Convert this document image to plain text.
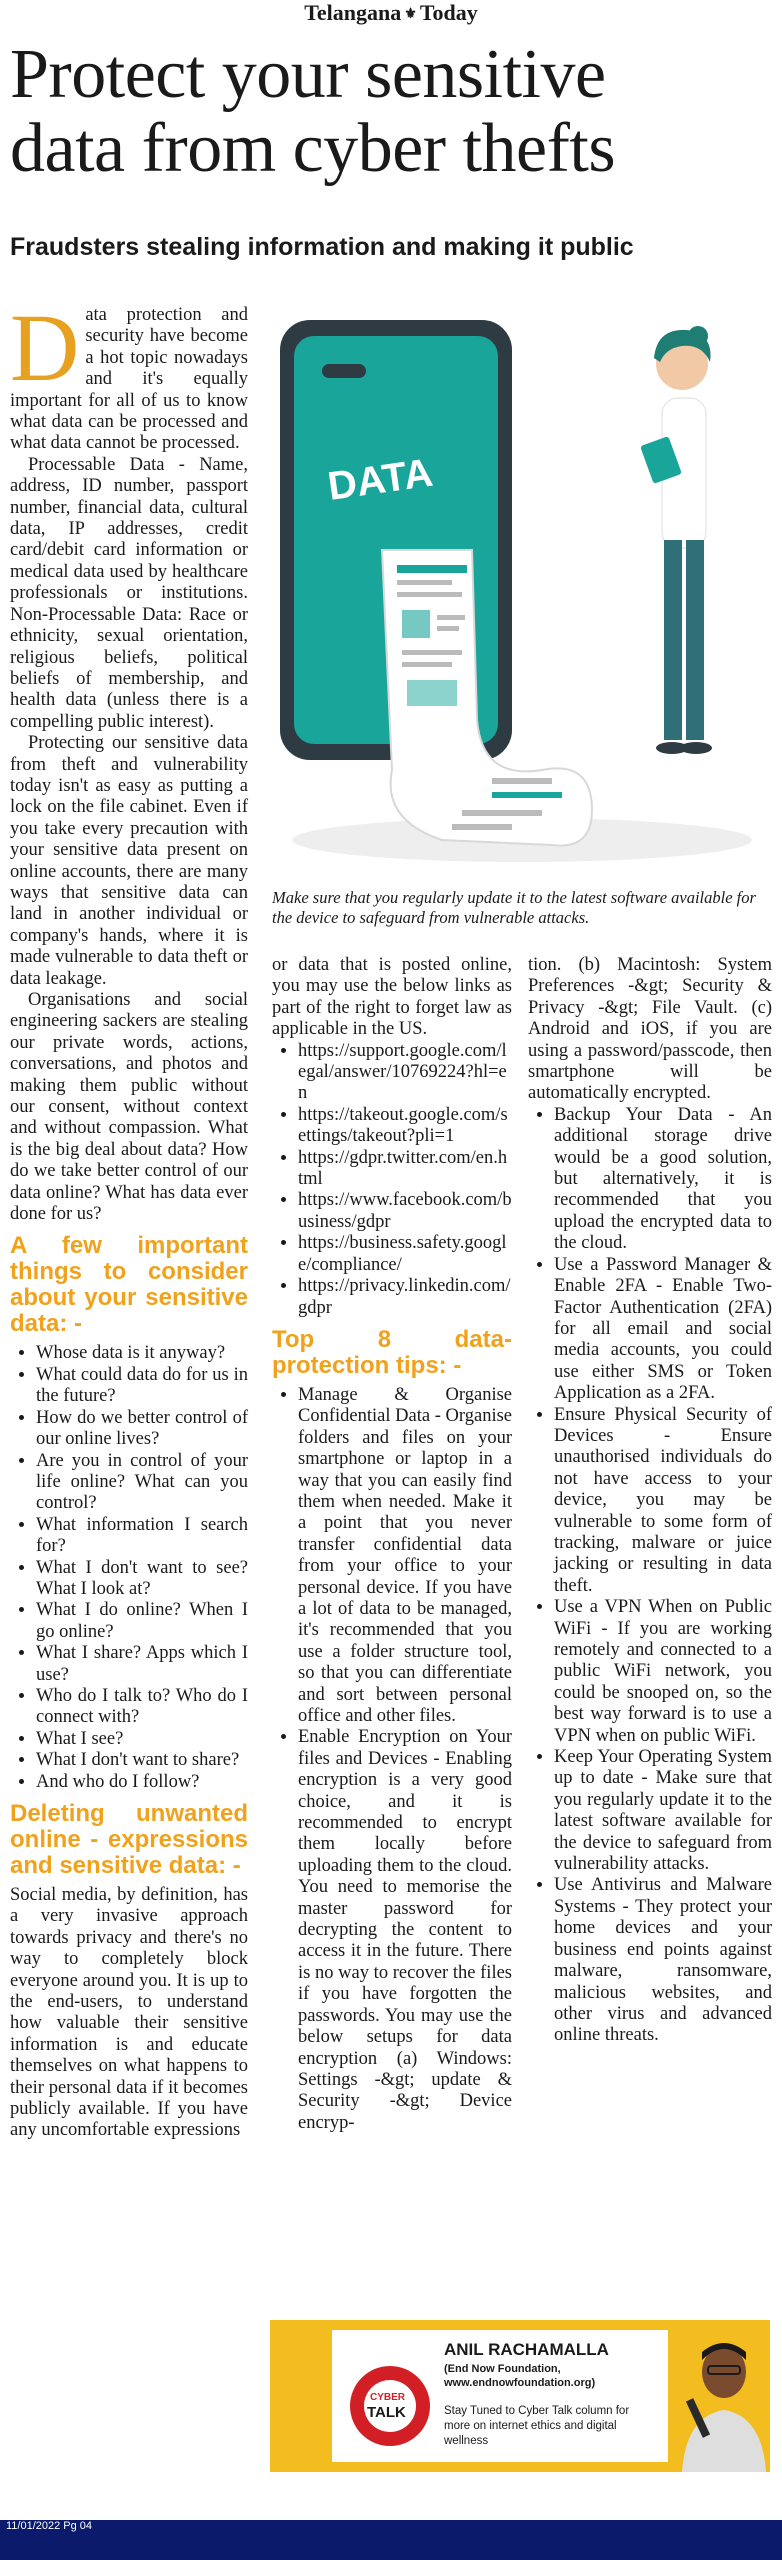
Telangana ⚜ Today
Protect your sensitive
data from cyber thefts
Fraudsters stealing information and making it public
DATA
Make sure that you regularly update it to the latest software available for the device to safeguard from vulnerable attacks.

Data protection and security have become a hot topic nowadays and it's equally important for all of us to know what data can be processed and what data cannot be processed.

Processable Data - Name, address, ID number, passport number, financial data, cultural data, IP addresses, credit card/debit card information or medical data used by healthcare professionals or institutions. Non-Processable Data: Race or ethnicity, sexual orientation, religious beliefs, political beliefs of membership, and health data (unless there is a compelling public interest).

Protecting our sensitive data from theft and vulnerability today isn't as easy as putting a lock on the file cabinet. Even if you take every precaution with your sensitive data present on online accounts, there are many ways that sensitive data can land in another individual or company's hands, where it is made vulnerable to data theft or data leakage.

Organisations and social engineering sackers are stealing our private words, actions, conversations, and photos and making them public without our consent, without context and without compassion. What is the big deal about data? How do we take better control of our data online? What has data ever done for us?

A few important things to consider about your sensitive data: -
• Whose data is it anyway?
• What could data do for us in the future?
• How do we better control of our online lives?
• Are you in control of your life online? What can you control?
• What information I search for?
• What I don't want to see? What I look at?
• What I do online? When I go online?
• What I share? Apps which I use?
• Who do I talk to? Who do I connect with?
• What I see?
• What I don't want to share?
• And who do I follow?
Deleting unwanted online - expressions and sensitive data: -

Social media, by definition, has a very invasive approach towards privacy and there's no way to completely block everyone around you. It is up to the end-users, to understand how valuable their sensitive information is and educate themselves on what happens to their personal data if it becomes publicly available. If you have any uncomfortable expressions

or data that is posted online, you may use the below links as part of the right to forget law as applicable in the US.

• https://support.google.com/legal/answer/10769224?hl=en
• https://takeout.google.com/settings/takeout?pli=1
• https://gdpr.twitter.com/en.html
• https://www.facebook.com/business/gdpr
• https://business.safety.google/compliance/
• https://privacy.linkedin.com/gdpr
Top 8 data-protection tips: -
• Manage & Organise Confidential Data - Organise folders and files on your smartphone or laptop in a way that you can easily find them when needed. Make it a point that you never transfer confidential data from your office to your personal device. If you have a lot of data to be managed, it's recommended that you use a folder structure tool, so that you can differentiate and sort between personal office and other files.
• Enable Encryption on Your files and Devices - Enabling encryption is a very good choice, and it is recommended to encrypt them locally before uploading them to the cloud. You need to memorise the master password for decrypting the content to access it in the future. There is no way to recover the files if you have forgotten the passwords. You may use the below setups for data encryption (a) Windows: Settings -&gt; update & Security -&gt; Device encryp-

tion. (b) Macintosh: System Preferences -&gt; Security & Privacy -&gt; File Vault. (c) Android and iOS, if you are using a password/passcode, then smartphone will be automatically encrypted.

• Backup Your Data - An additional storage drive would be a good solution, but alternatively, it is recommended that you upload the encrypted data to the cloud.
• Use a Password Manager & Enable 2FA - Enable Two-Factor Authentication (2FA) for all email and social media accounts, you could use either SMS or Token Application as a 2FA.
• Ensure Physical Security of Devices - Ensure unauthorised individuals do not have access to your device, you may be vulnerable to some form of tracking, malware or juice jacking or resulting in data theft.
• Use a VPN When on Public WiFi - If you are working remotely and connected to a public WiFi network, you could be snooped on, so the best way forward is to use a VPN when on public WiFi.
• Keep Your Operating System up to date - Make sure that you regularly update it to the latest software available for the device to safeguard from vulnerability attacks.
• Use Antivirus and Malware Systems - They protect your home devices and your business end points against malware, ransomware, malicious websites, and other virus and advanced online threats.
CYBER
TALK
ANIL RACHAMALLA
(End Now Foundation, www.endnowfoundation.org)
Stay Tuned to Cyber Talk column for more on internet ethics and digital wellness
11/01/2022 Pg 04
